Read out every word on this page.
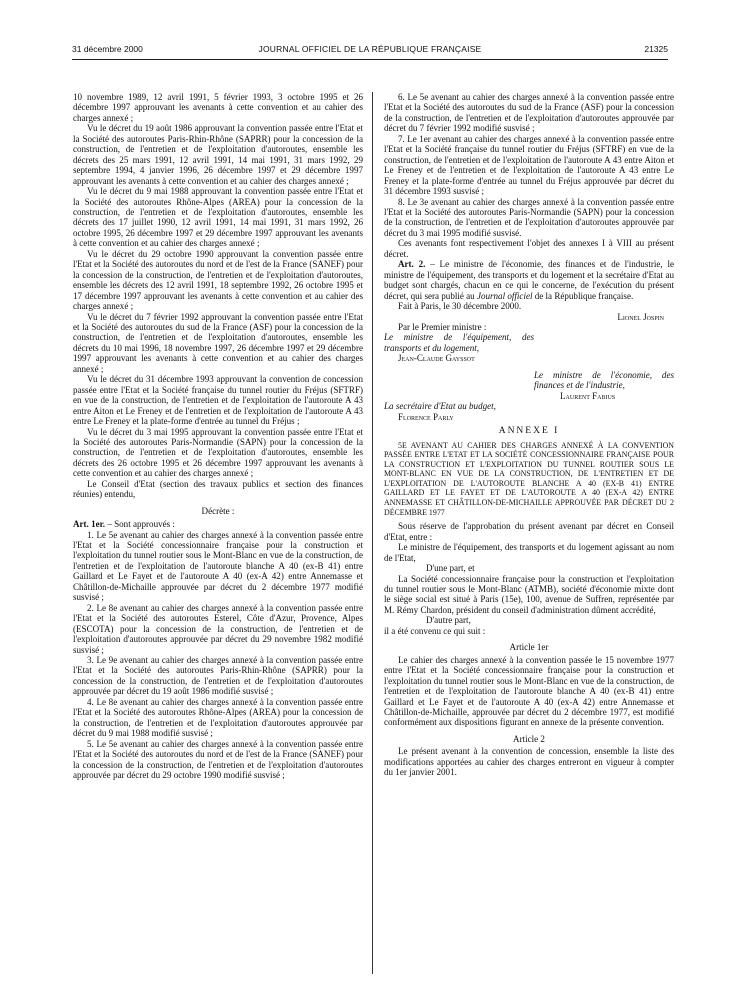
31 décembre 2000	JOURNAL OFFICIEL DE LA RÉPUBLIQUE FRANÇAISE	21325

10 novembre 1989, 12 avril 1991, 5 février 1993, 3 octobre 1995 et 26 décembre 1997 approuvant les avenants à cette convention et au cahier des charges annexé ;

Vu le décret du 19 août 1986 approuvant la convention passée entre l'Etat et la Société des autoroutes Paris-Rhin-Rhône (SAPRR) pour la concession de la construction, de l'entretien et de l'exploitation d'autoroutes, ensemble les décrets des 25 mars 1991, 12 avril 1991, 14 mai 1991, 31 mars 1992, 29 septembre 1994, 4 janvier 1996, 26 décembre 1997 et 29 décembre 1997 approuvant les avenants à cette convention et au cahier des charges annexé ;

Vu le décret du 9 mai 1988 approuvant la convention passée entre l'Etat et la Société des autoroutes Rhône-Alpes (AREA) pour la concession de la construction, de l'entretien et de l'exploitation d'autoroutes, ensemble les décrets des 17 juillet 1990, 12 avril 1991, 14 mai 1991, 31 mars 1992, 26 octobre 1995, 26 décembre 1997 et 29 décembre 1997 approuvant les avenants à cette convention et au cahier des charges annexé ;

Vu le décret du 29 octobre 1990 approuvant la convention passée entre l'Etat et la Société des autoroutes du nord et de l'est de la France (SANEF) pour la concession de la construction, de l'entretien et de l'exploitation d'autoroutes, ensemble les décrets des 12 avril 1991, 18 septembre 1992, 26 octobre 1995 et 17 décembre 1997 approuvant les avenants à cette convention et au cahier des charges annexé ;

Vu le décret du 7 février 1992 approuvant la convention passée entre l'Etat et la Société des autoroutes du sud de la France (ASF) pour la concession de la construction, de l'entretien et de l'exploitation d'autoroutes, ensemble les décrets du 10 mai 1996, 18 novembre 1997, 26 décembre 1997 et 29 décembre 1997 approuvant les avenants à cette convention et au cahier des charges annexé ;

Vu le décret du 31 décembre 1993 approuvant la convention de concession passée entre l'Etat et la Société française du tunnel routier du Fréjus (SFTRF) en vue de la construction, de l'entretien et de l'exploitation de l'autoroute A 43 entre Aiton et Le Freney et de l'entretien et de l'exploitation de l'autoroute A 43 entre Le Freney et la plate-forme d'entrée au tunnel du Fréjus ;

Vu le décret du 3 mai 1995 approuvant la convention passée entre l'Etat et la Société des autoroutes Paris-Normandie (SAPN) pour la concession de la construction, de l'entretien et de l'exploitation d'autoroutes, ensemble les décrets des 26 octobre 1995 et 26 décembre 1997 approuvant les avenants à cette convention et au cahier des charges annexé ;

Le Conseil d'Etat (section des travaux publics et section des finances réunies) entendu,

Décrète :

Art. 1er. – Sont approuvés :

1. Le 5e avenant au cahier des charges annexé à la convention passée entre l'Etat et la Société concessionnaire française pour la construction et l'exploitation du tunnel routier sous le Mont-Blanc en vue de la construction, de l'entretien et de l'exploitation de l'autoroute blanche A 40 (ex-B 41) entre Gaillard et Le Fayet et de l'autoroute A 40 (ex-A 42) entre Annemasse et Châtillon-de-Michaille approuvée par décret du 2 décembre 1977 modifié susvisé ;

2. Le 8e avenant au cahier des charges annexé à la convention passée entre l'Etat et la Société des autoroutes Esterel, Côte d'Azur, Provence, Alpes (ESCOTA) pour la concession de la construction, de l'entretien et de l'exploitation d'autoroutes approuvée par décret du 29 novembre 1982 modifié susvisé ;

3. Le 9e avenant au cahier des charges annexé à la convention passée entre l'Etat et la Société des autoroutes Paris-Rhin-Rhône (SAPRR) pour la concession de la construction, de l'entretien et de l'exploitation d'autoroutes approuvée par décret du 19 août 1986 modifié susvisé ;

4. Le 8e avenant au cahier des charges annexé à la convention passée entre l'Etat et la Société des autoroutes Rhône-Alpes (AREA) pour la concession de la construction, de l'entretien et de l'exploitation d'autoroutes approuvée par décret du 9 mai 1988 modifié susvisé ;

5. Le 5e avenant au cahier des charges annexé à la convention passée entre l'Etat et la Société des autoroutes du nord et de l'est de la France (SANEF) pour la concession de la construction, de l'entretien et de l'exploitation d'autoroutes approuvée par décret du 29 octobre 1990 modifié susvisé ;

6. Le 5e avenant au cahier des charges annexé à la convention passée entre l'Etat et la Société des autoroutes du sud de la France (ASF) pour la concession de la construction, de l'entretien et de l'exploitation d'autoroutes approuvée par décret du 7 février 1992 modifié susvisé ;

7. Le 1er avenant au cahier des charges annexé à la convention passée entre l'Etat et la Société française du tunnel routier du Fréjus (SFTRF) en vue de la construction, de l'entretien et de l'exploitation de l'autoroute A 43 entre Aiton et Le Freney et de l'entretien et de l'exploitation de l'autoroute A 43 entre Le Freney et la plate-forme d'entrée au tunnel du Fréjus approuvée par décret du 31 décembre 1993 susvisé ;

8. Le 3e avenant au cahier des charges annexé à la convention passée entre l'Etat et la Société des autoroutes Paris-Normandie (SAPN) pour la concession de la construction, de l'entretien et de l'exploitation d'autoroutes approuvée par décret du 3 mai 1995 modifié susvisé.

Ces avenants font respectivement l'objet des annexes I à VIII au présent décret.

Art. 2. – Le ministre de l'économie, des finances et de l'industrie, le ministre de l'équipement, des transports et du logement et la secrétaire d'Etat au budget sont chargés, chacun en ce qui le concerne, de l'exécution du présent décret, qui sera publié au Journal officiel de la République française.

Fait à Paris, le 30 décembre 2000.

Lionel Jospin
Par le Premier ministre :
Le ministre de l'équipement, des transports et du logement,
Jean-Claude Gayssot
Le ministre de l'économie, des finances et de l'industrie,
Laurent Fabius
La secrétaire d'Etat au budget,
Florence Parly
ANNEXE I

5E AVENANT AU CAHIER DES CHARGES ANNEXÉ À LA CONVENTION PASSÉE ENTRE L'ETAT ET LA SOCIÉTÉ CONCESSIONNAIRE FRANÇAISE POUR LA CONSTRUCTION ET L'EXPLOITATION DU TUNNEL ROUTIER SOUS LE MONT-BLANC EN VUE DE LA CONSTRUCTION, DE L'ENTRETIEN ET DE L'EXPLOITATION DE L'AUTOROUTE BLANCHE A 40 (EX-B 41) ENTRE GAILLARD ET LE FAYET ET DE L'AUTOROUTE A 40 (EX-A 42) ENTRE ANNEMASSE ET CHÂTILLON-DE-MICHAILLE APPROUVÉE PAR DÉCRET DU 2 DÉCEMBRE 1977

Sous réserve de l'approbation du présent avenant par décret en Conseil d'Etat, entre :

Le ministre de l'équipement, des transports et du logement agissant au nom de l'Etat,

D'une part, et

La Société concessionnaire française pour la construction et l'exploitation du tunnel routier sous le Mont-Blanc (ATMB), société d'économie mixte dont le siège social est situé à Paris (15e), 100, avenue de Suffren, représentée par M. Rémy Chardon, président du conseil d'administration dûment accrédité,

D'autre part,

il a été convenu ce qui suit :

Article 1er

Le cahier des charges annexé à la convention passée le 15 novembre 1977 entre l'Etat et la Société concessionnaire française pour la construction et l'exploitation du tunnel routier sous le Mont-Blanc en vue de la construction, de l'entretien et de l'exploitation de l'autoroute blanche A 40 (ex-B 41) entre Gaillard et Le Fayet et de l'autoroute A 40 (ex-A 42) entre Annemasse et Châtillon-de-Michaille, approuvée par décret du 2 décembre 1977, est modifié conformément aux dispositions figurant en annexe de la présente convention.

Article 2

Le présent avenant à la convention de concession, ensemble la liste des modifications apportées au cahier des charges entreront en vigueur à compter du 1er janvier 2001.
